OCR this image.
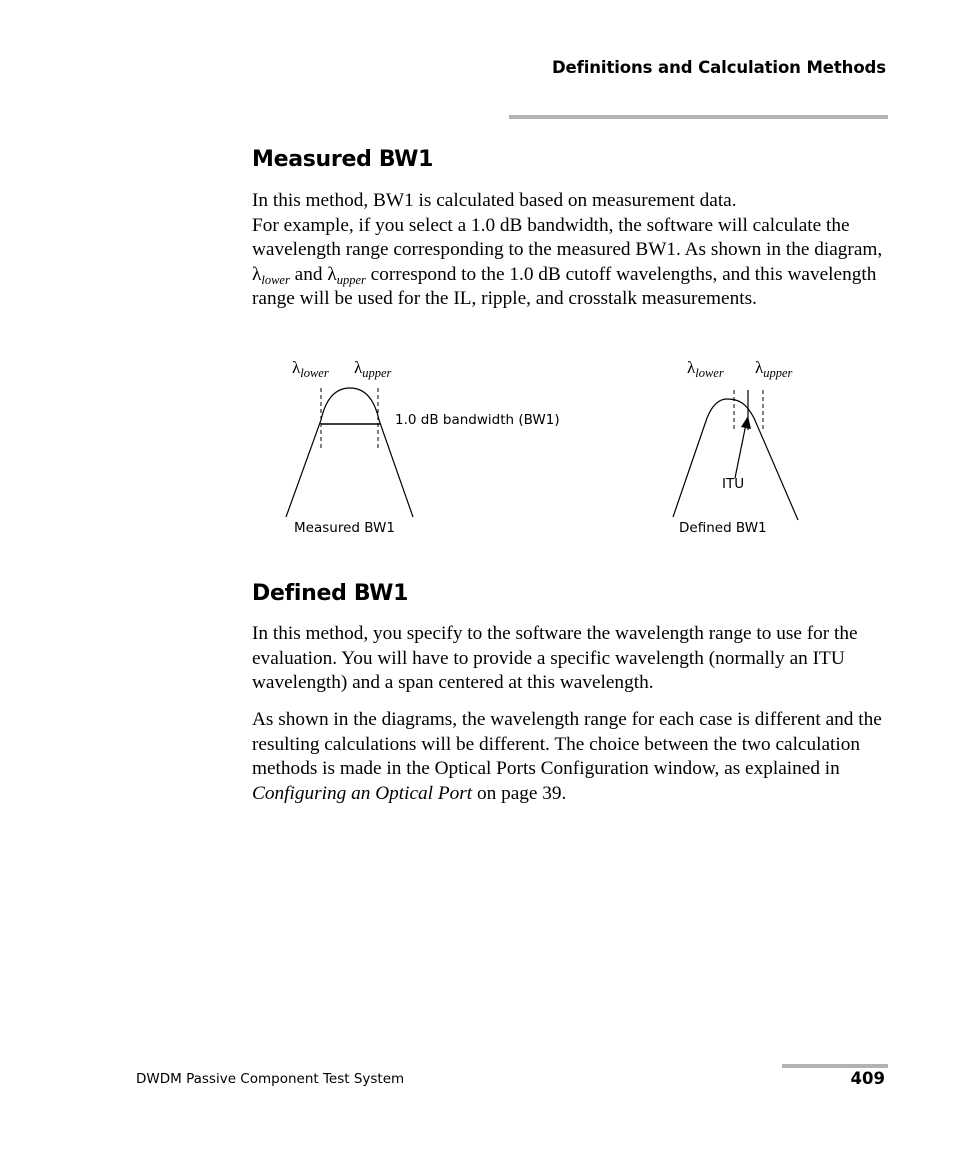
Definitions and Calculation Methods
Measured BW1

In this method, BW1 is calculated based on measurement data.
For example, if you select a 1.0 dB bandwidth, the software will calculate the wavelength range corresponding to the measured BW1. As shown in the diagram, $\lambda_{lower}$ and $\lambda_{upper}$ correspond to the 1.0 dB cutoff wavelengths, and this wavelength range will be used for the IL, ripple, and crosstalk measurements.

$\lambda_{lower}$ $\lambda_{upper}$
1.0 dB bandwidth (BW1)
Measured BW1
$\lambda_{lower}$ $\lambda_{upper}$
ITU
Defined BW1
Defined BW1

In this method, you specify to the software the wavelength range to use for the evaluation. You will have to provide a specific wavelength (normally an ITU wavelength) and a span centered at this wavelength.

As shown in the diagrams, the wavelength range for each case is different and the resulting calculations will be different. The choice between the two calculation methods is made in the Optical Ports Configuration window, as explained in Configuring an Optical Port on page 39.

DWDM Passive Component Test System	409
